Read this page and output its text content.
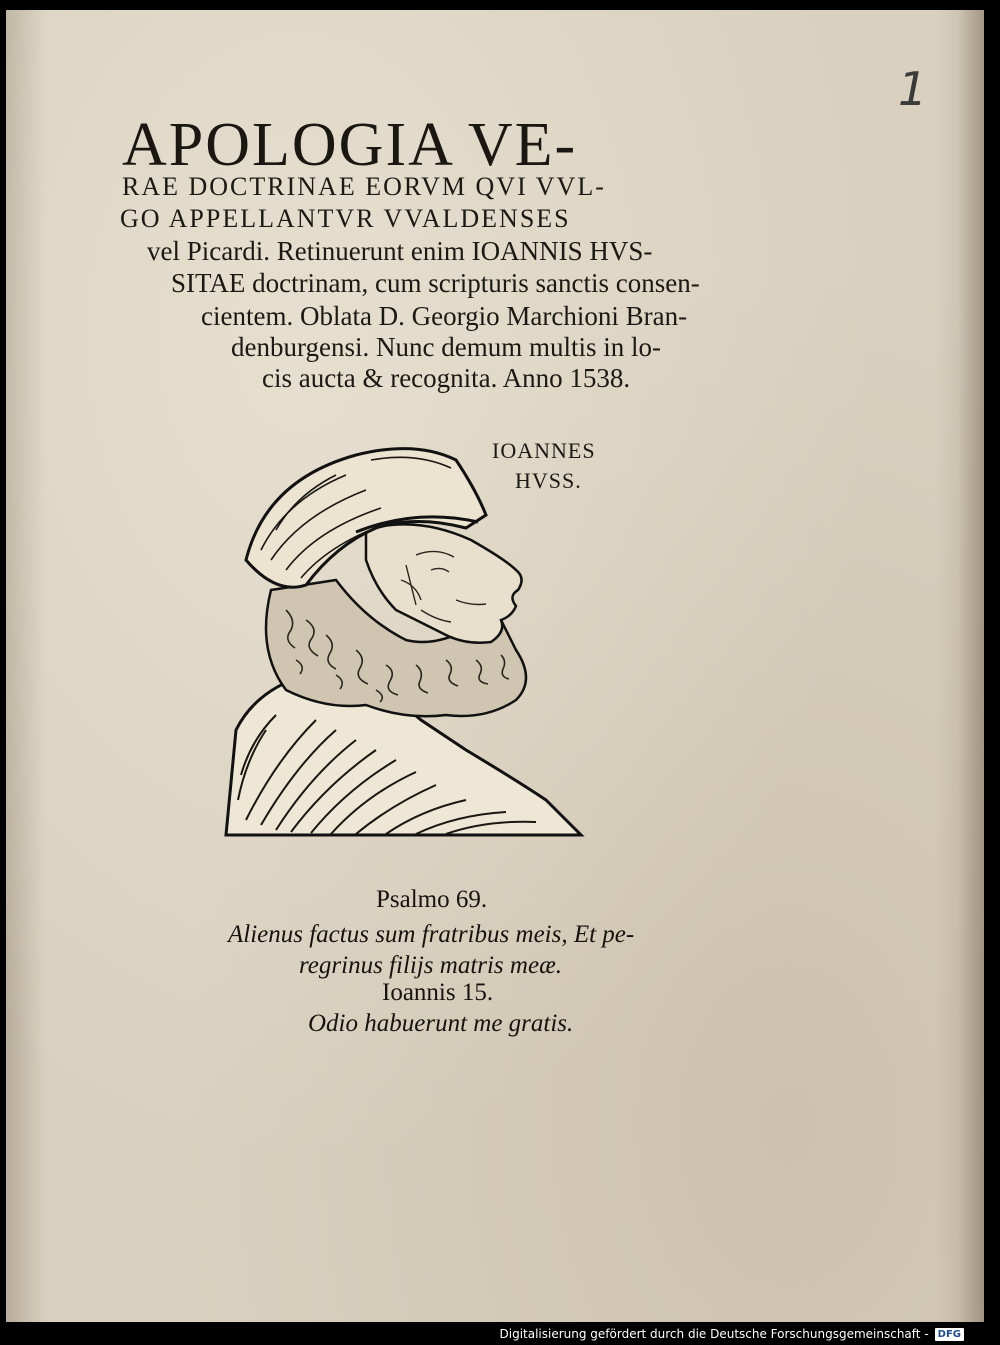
1
APOLOGIA VE-
RAE DOCTRINAE EORVM QVI VVL-
GO APPELLANTVR VVALDENSES
vel Picardi. Retinuerunt enim IOANNIS HVS-
SITAE doctrinam, cum scripturis sanctis consen-
cientem. Oblata D. Georgio Marchioni Bran-
denburgensi. Nunc demum multis in lo-
cis aucta & recognita. Anno 1538.
IOANNES
HVSS.
Psalmo 69.
Alienus factus sum fratribus meis, Et pe-
regrinus filijs matris meæ.
Ioannis 15.
Odio habuerunt me gratis.
Digitalisierung gefördert durch die Deutsche Forschungsgemeinschaft - DFG
